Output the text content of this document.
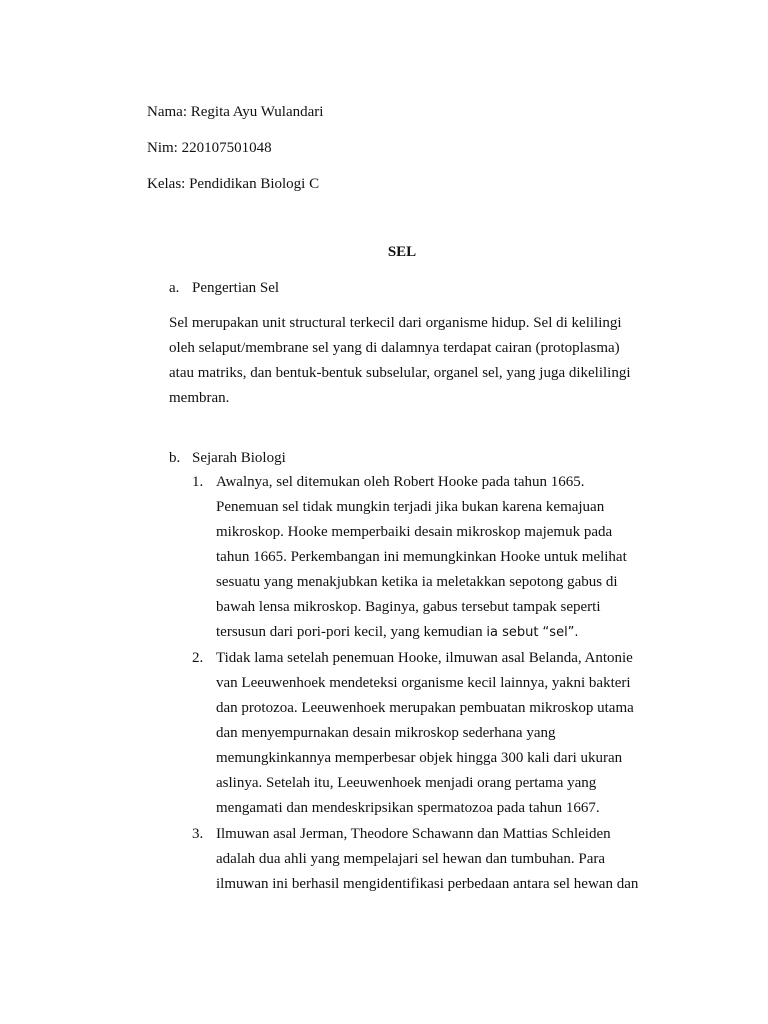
Nama: Regita Ayu Wulandari
Nim: 220107501048
Kelas: Pendidikan Biologi C
SEL
a. Pengertian Sel
Sel merupakan unit structural terkecil dari organisme hidup. Sel di kelilingi
oleh selaput/membrane sel yang di dalamnya terdapat cairan (protoplasma)
atau matriks, dan bentuk-bentuk subselular, organel sel, yang juga dikelilingi
membran.
b. Sejarah Biologi
1. Awalnya, sel ditemukan oleh Robert Hooke pada tahun 1665.
Penemuan sel tidak mungkin terjadi jika bukan karena kemajuan
mikroskop. Hooke memperbaiki desain mikroskop majemuk pada
tahun 1665. Perkembangan ini memungkinkan Hooke untuk melihat
sesuatu yang menakjubkan ketika ia meletakkan sepotong gabus di
bawah lensa mikroskop. Baginya, gabus tersebut tampak seperti
tersusun dari pori-pori kecil, yang kemudian ia sebut “sel”.
2. Tidak lama setelah penemuan Hooke, ilmuwan asal Belanda, Antonie
van Leeuwenhoek mendeteksi organisme kecil lainnya, yakni bakteri
dan protozoa. Leeuwenhoek merupakan pembuatan mikroskop utama
dan menyempurnakan desain mikroskop sederhana yang
memungkinkannya memperbesar objek hingga 300 kali dari ukuran
aslinya. Setelah itu, Leeuwenhoek menjadi orang pertama yang
mengamati dan mendeskripsikan spermatozoa pada tahun 1667.
3. Ilmuwan asal Jerman, Theodore Schawann dan Mattias Schleiden
adalah dua ahli yang mempelajari sel hewan dan tumbuhan. Para
ilmuwan ini berhasil mengidentifikasi perbedaan antara sel hewan dan
